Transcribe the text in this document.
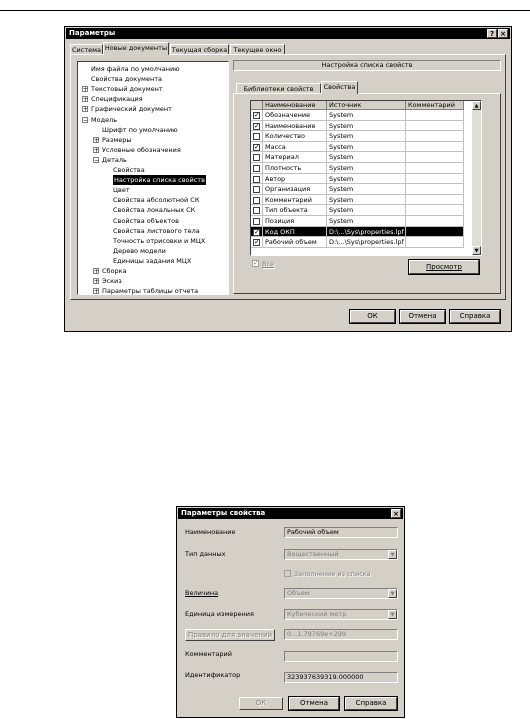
Параметры	? ×
Система Новые документы Текущая сборка Текущее окно
Имя файла по умолчанию
Свойства документа
+ Текстовый документ
+ Спецификация
+ Графический документ
− Модель
Шрифт по умолчанию
+ Размеры
+ Условные обозначения
− Деталь
Свойства
Настройка списка свойств
Цвет
Свойства абсолютной СК
Свойства локальных СК
Свойства объектов
Свойства листового тела
Точность отрисовки и МЦХ
Дерево модели
Единицы задания МЦХ
+ Сборка
+ Эскиз
+ Параметры таблицы отчета
Настройка списка свойств
Библиотеки свойств	Свойства
Наименование	Источник	Комментарий	▲
▼
✓ Обозначение	System
✓ Наименование	System
Количество	System
✓ Масса	System
Материал	System
Плотность	System
Автор	System
Организация	System
Комментарий	System
Тип объекта	System
Позиция	System
✓ Код ОКП	D:\...\Sys\properties.lpf
✓ Рабочий объем	D:\...\Sys\properties.lpf
✓ Все	Просмотр
ОК	Отмена	Справка
Параметры свойства	×
Наименование	Рабочий объем
Тип данных	Вещественный	▼
Заполнение из списка
Величина	Объем	▼
Единица измерения	Кубический метр	▼
Правило для значений	0...1.79769e+299
Комментарий
Идентификатор	323937639319.000000
ОК	Отмена	Справка
